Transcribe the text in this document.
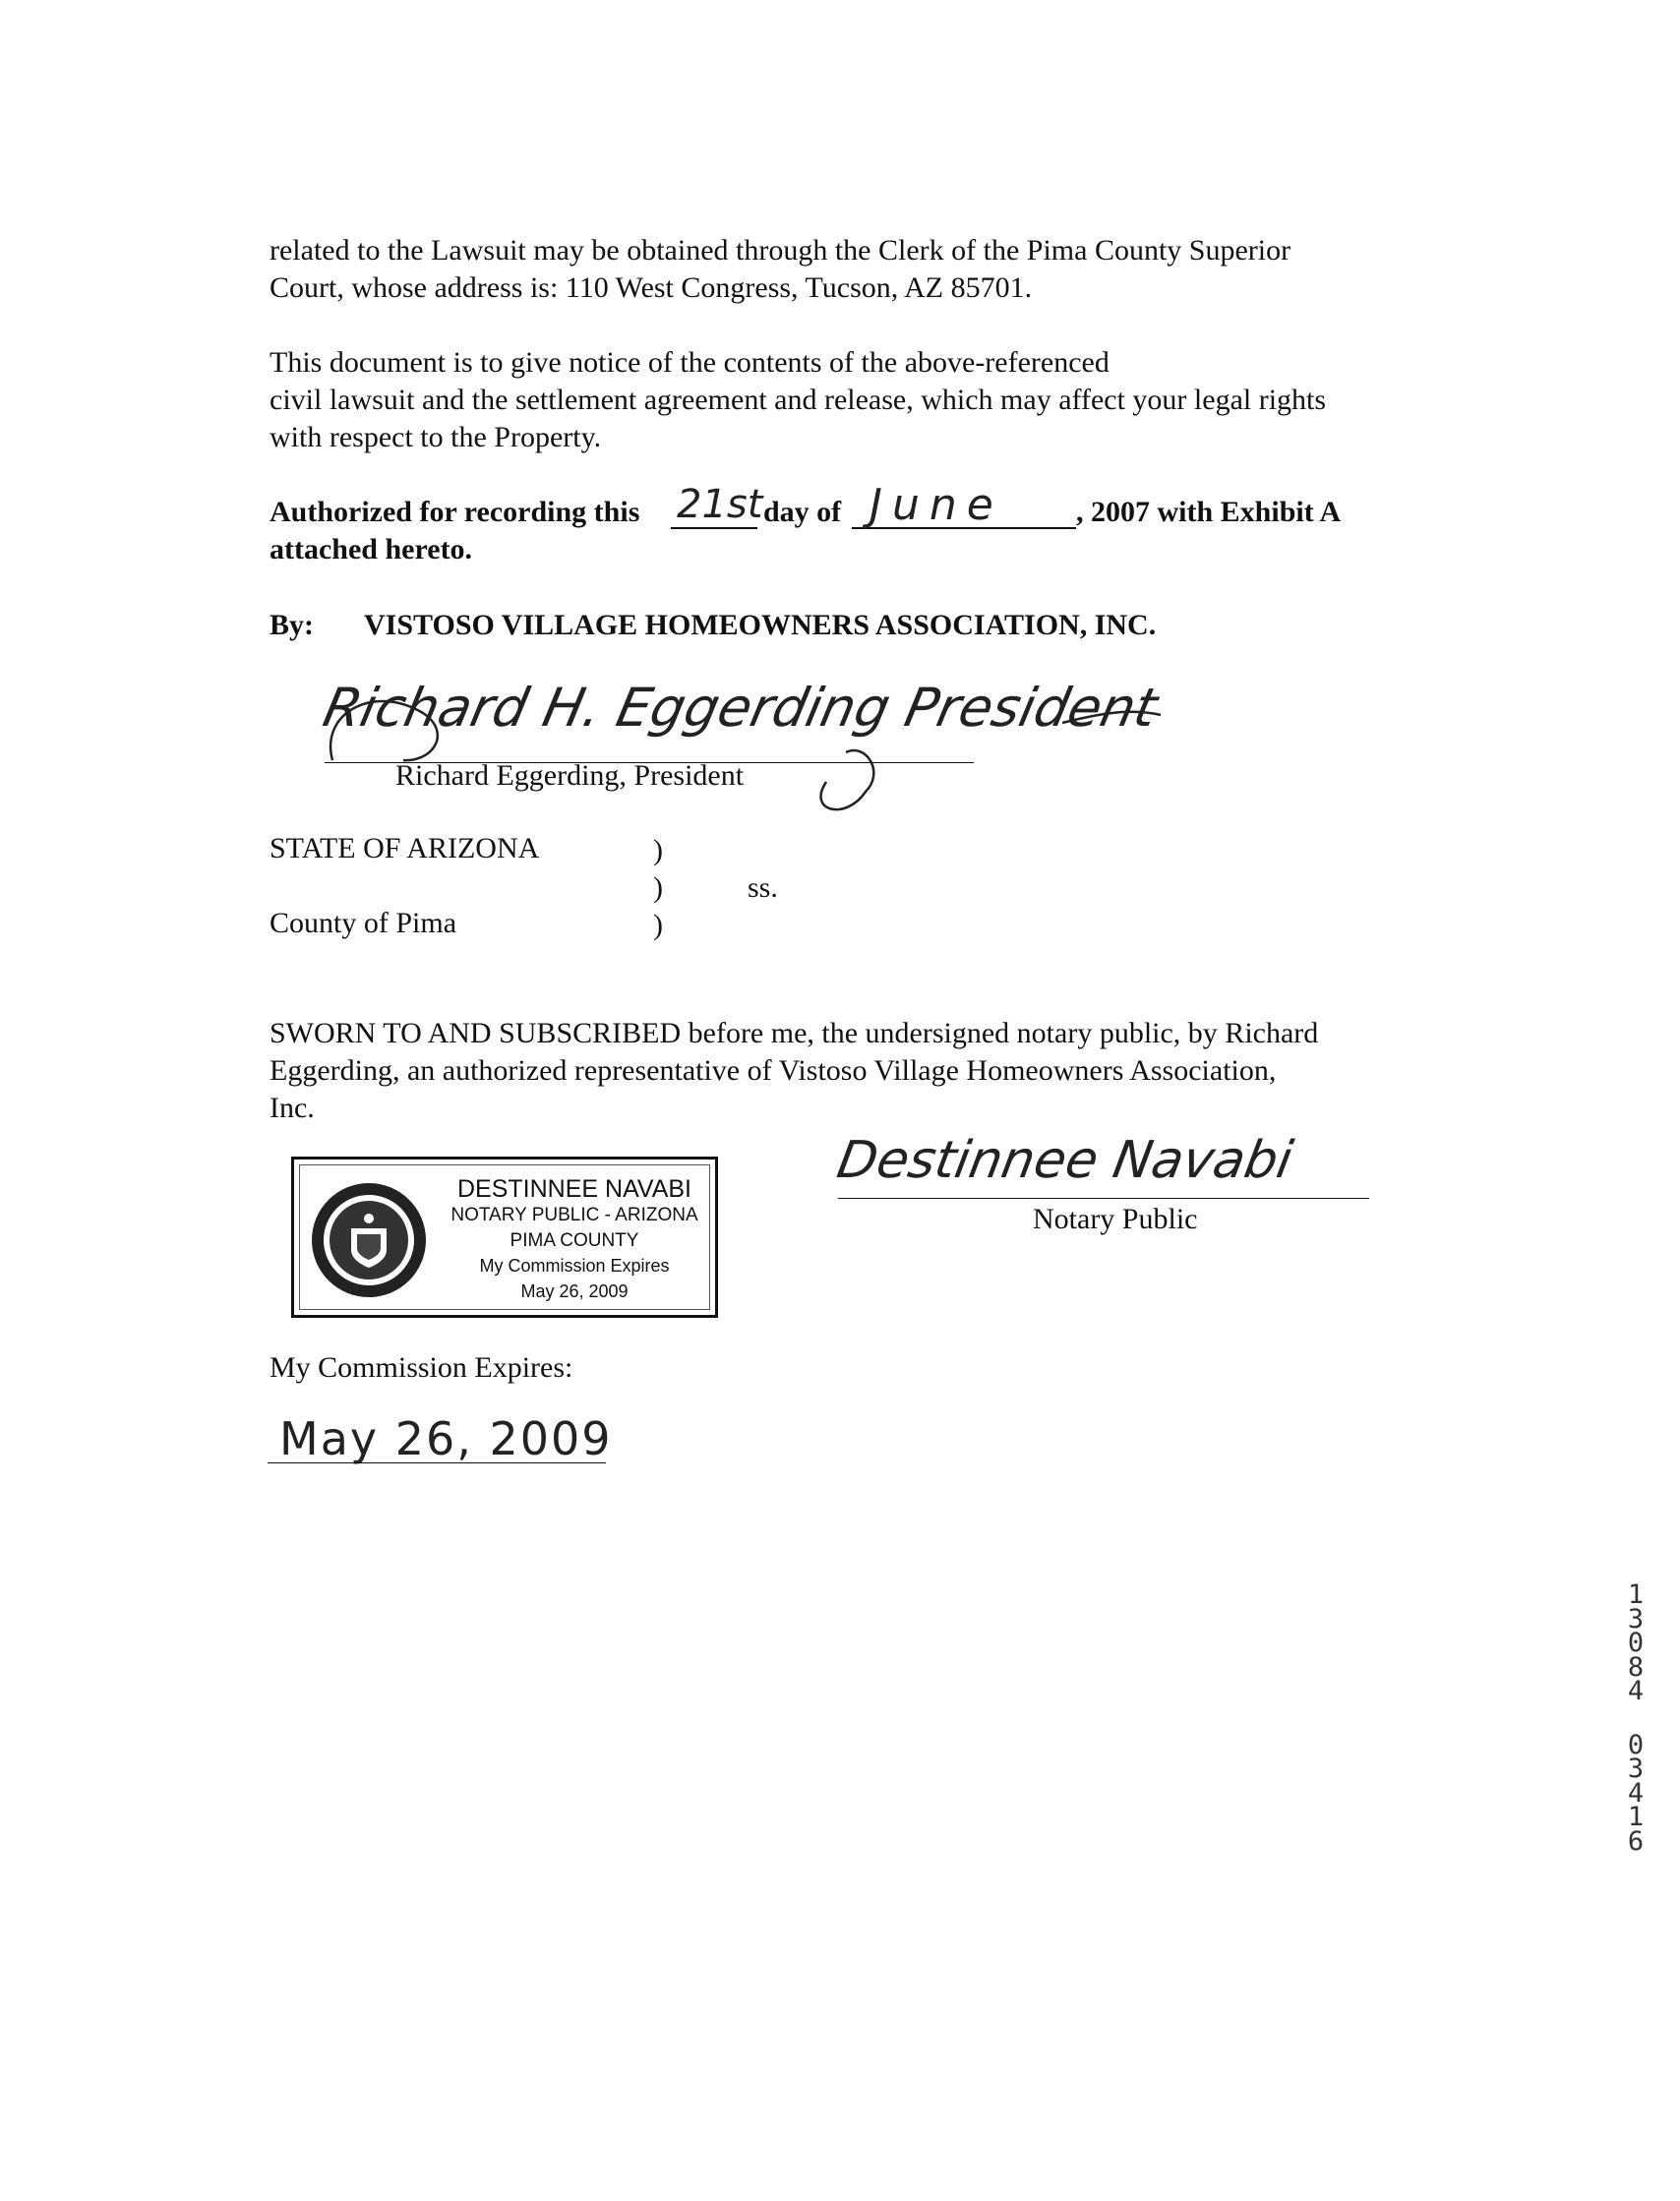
related to the Lawsuit may be obtained through the Clerk of the Pima County Superior
Court, whose address is: 110 West Congress, Tucson, AZ 85701.
This document is to give notice of the contents of the above-referenced
civil lawsuit and the settlement agreement and release, which may affect your legal rights
with respect to the Property.
Authorized for recording this 21st day of June , 2007 with Exhibit A
attached hereto.
By: VISTOSO VILLAGE HOMEOWNERS ASSOCIATION, INC.
Richard H. Eggerding President
Richard Eggerding, President
STATE OF ARIZONA	)
)	ss.
County of Pima	)
SWORN TO AND SUBSCRIBED before me, the undersigned notary public, by Richard
Eggerding, an authorized representative of Vistoso Village Homeowners Association,
Inc.
DESTINNEE NAVABI
NOTARY PUBLIC - ARIZONA
PIMA COUNTY
My Commission Expires
May 26, 2009
Destinnee Navabi
Notary Public
My Commission Expires:
May 26, 2009
1
3
0
8
4
0
3
4
1
6
